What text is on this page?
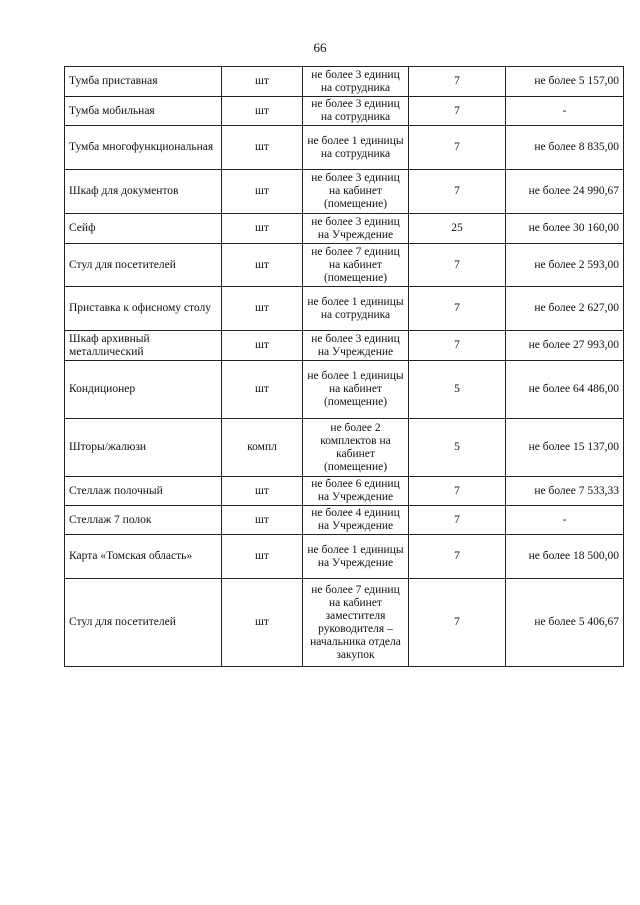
66
Тумба приставная	шт	не более 3 единиц на сотрудника	7	не более 5 157,00
Тумба мобильная	шт	не более 3 единиц на сотрудника	7	-
Тумба многофункциональная	шт	не более 1 единицы на сотрудника	7	не более 8 835,00
Шкаф для документов	шт	не более 3 единиц на кабинет (помещение)	7	не более 24 990,67
Сейф	шт	не более 3 единиц на Учреждение	25	не более 30 160,00
Стул для посетителей	шт	не более 7 единиц на кабинет (помещение)	7	не более 2 593,00
Приставка к офисному столу	шт	не более 1 единицы на сотрудника	7	не более 2 627,00
Шкаф архивный металлический	шт	не более 3 единиц на Учреждение	7	не более 27 993,00
Кондиционер	шт	не более 1 единицы на кабинет (помещение)	5	не более 64 486,00
Шторы/жалюзи	компл	не более 2 комплектов на кабинет (помещение)	5	не более 15 137,00
Стеллаж полочный	шт	не более 6 единиц на Учреждение	7	не более 7 533,33
Стеллаж 7 полок	шт	не более 4 единиц на Учреждение	7	-
Карта «Томская область»	шт	не более 1 единицы на Учреждение	7	не более 18 500,00
Стул для посетителей	шт	не более 7 единиц на кабинет заместителя руководителя – начальника отдела закупок	7	не более 5 406,67
